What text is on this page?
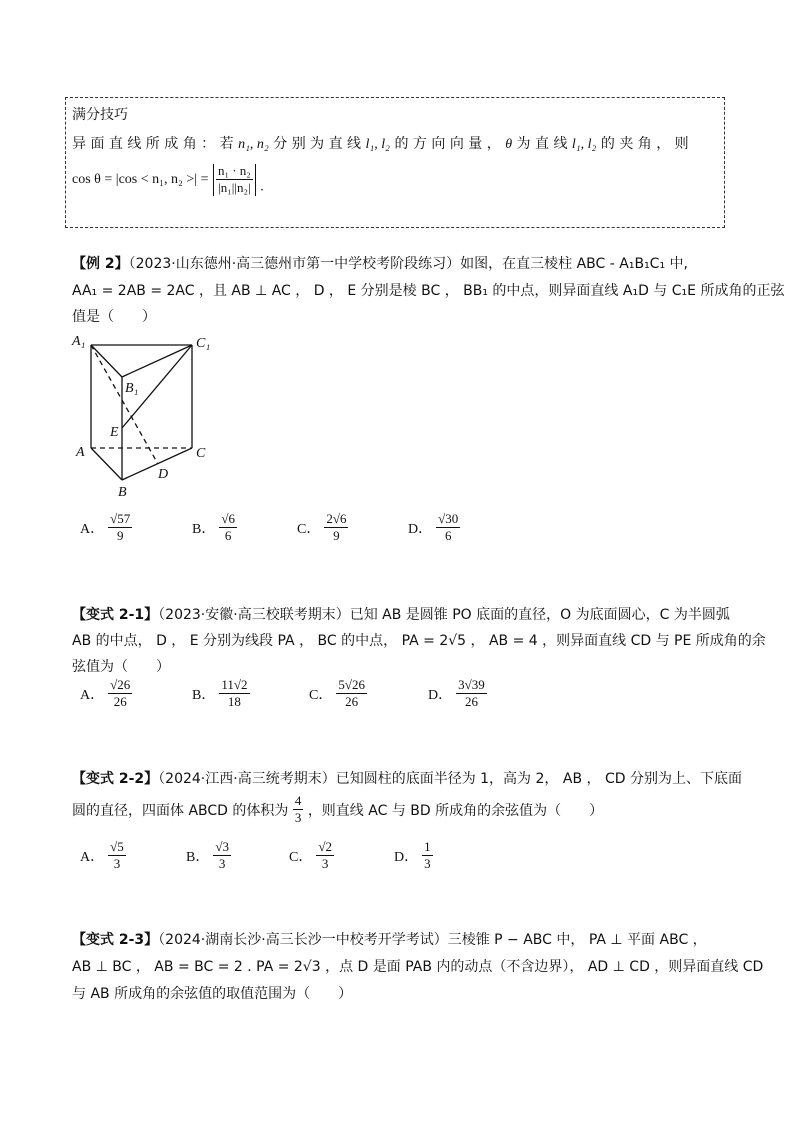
满分技巧
异 面 直 线 所 成 角 ： 若 n₁, n₂ 分 别 为 直 线 l₁, l₂ 的 方 向 向 量 ， θ 为 直 线 l₁, l₂ 的 夹 角 ， 则
cos θ = |cos < n₁, n₂ >| = $\frac{\text{n₁ · n₂}}{\text{|n₁||n₂|}}$ .
【例 2】（2023·山东德州·高三德州市第一中学校考阶段练习）如图，在直三棱柱 ABC - A₁B₁C₁ 中,
AA₁ = 2AB = 2AC ，且 AB ⊥ AC ， D ， E 分别是棱 BC ， BB₁ 的中点，则异面直线 A₁D 与 C₁E 所成角的正弦
值是（　　）
A₁	C₁
B₁
E
A	C
D
B
A． $\frac{√57}{9}$	B． $\frac{√6}{6}$	C． $\frac{2√6}{9}$	D． $\frac{√30}{6}$
【变式 2-1】（2023·安徽·高三校联考期末）已知 AB 是圆锥 PO 底面的直径，O 为底面圆心，C 为半圆弧
AB 的中点， D ， E 分别为线段 PA ， BC 的中点， PA = 2√5 ， AB = 4 ，则异面直线 CD 与 PE 所成角的余
弦值为（　　）
A． $\frac{√26}{26}$	B． $\frac{11√2}{18}$	C． $\frac{5√26}{26}$	D． $\frac{3√39}{26}$
【变式 2-2】（2024·江西·高三统考期末）已知圆柱的底面半径为 1，高为 2， AB ， CD 分别为上、下底面
圆的直径，四面体 ABCD 的体积为 $\frac{4}{3}$ ，则直线 AC 与 BD 所成角的余弦值为（　　）
A． $\frac{√5}{3}$	B． $\frac{√3}{3}$	C． $\frac{√2}{3}$	D． $\frac{1}{3}$
【变式 2-3】（2024·湖南长沙·高三长沙一中校考开学考试）三棱锥 P − ABC 中， PA ⊥ 平面 ABC ，
AB ⊥ BC ， AB = BC = 2 . PA = 2√3 ，点 D 是面 PAB 内的动点（不含边界）， AD ⊥ CD ，则异面直线 CD
与 AB 所成角的余弦值的取值范围为（　　）
